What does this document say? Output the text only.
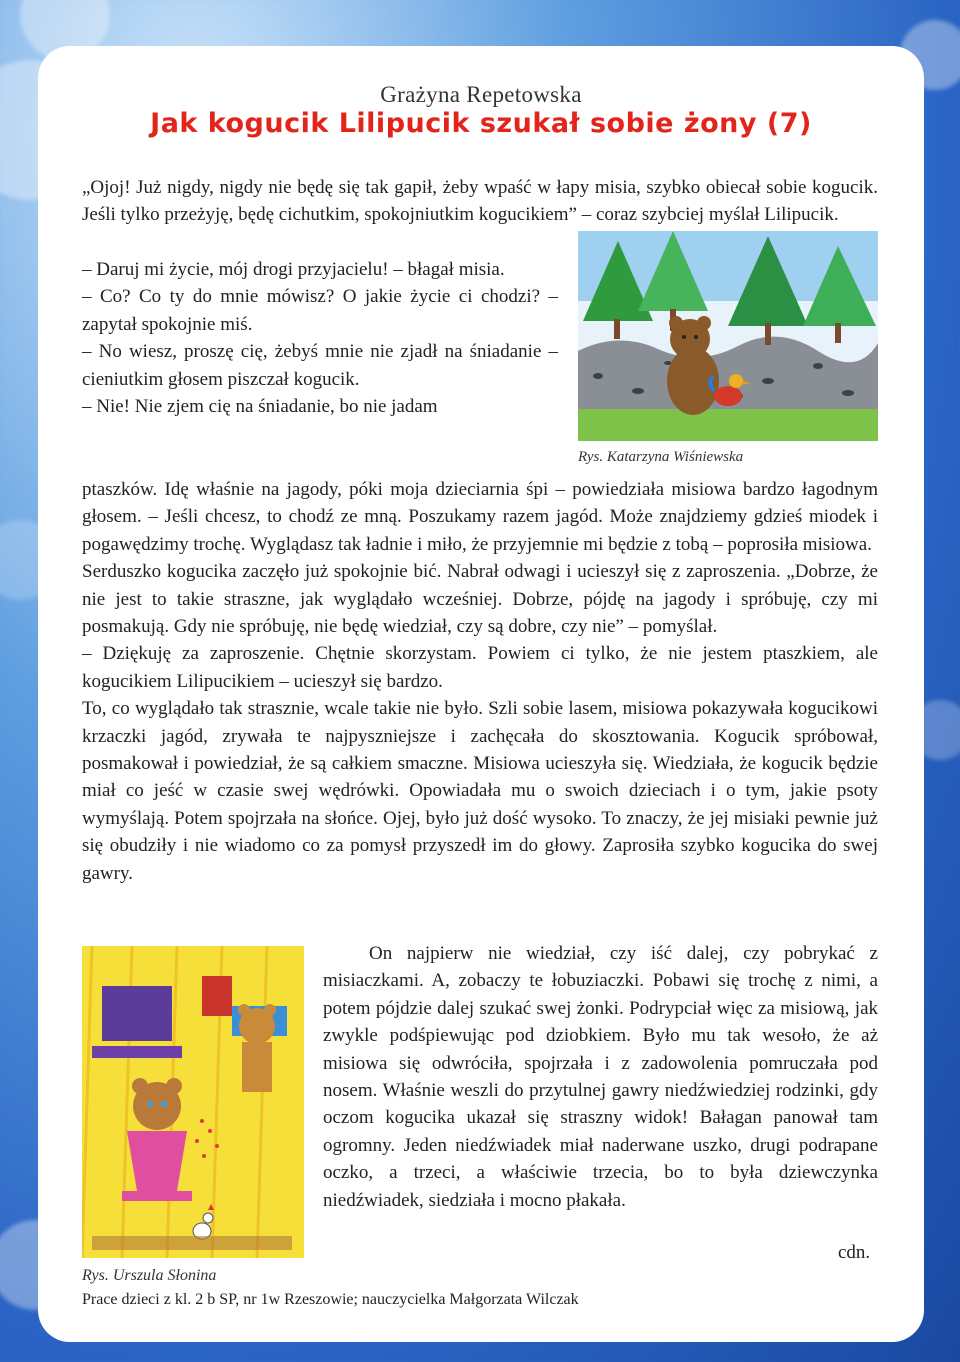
Grażyna Repetowska
Jak kogucik Lilipucik szukał sobie żony (7)

„Ojoj! Już nigdy, nigdy nie będę się tak gapił, żeby wpaść w łapy misia, szybko obiecał sobie kogucik. Jeśli tylko przeżyję, będę cichutkim, spokojniutkim kogucikiem” – coraz szybciej myślał Lilipucik.

– Daruj mi życie, mój drogi przyjacielu! – błagał misia.
– Co? Co ty do mnie mówisz? O jakie życie ci chodzi? – zapytał spokojnie miś.
– No wiesz, proszę cię, żebyś mnie nie zjadł na śniadanie – cieniutkim głosem piszczał kogucik.
– Nie! Nie zjem cię na śniadanie, bo nie jadam

Rys. Katarzyna Wiśniewska

ptaszków. Idę właśnie na jagody, póki moja dzieciarnia śpi – powiedziała misiowa bardzo łagodnym głosem. – Jeśli chcesz, to chodź ze mną. Poszukamy razem jagód. Może znajdziemy gdzieś miodek i pogawędzimy trochę. Wyglądasz tak ładnie i miło, że przyjemnie mi będzie z tobą – poprosiła misiowa.
Serduszko kogucika zaczęło już spokojnie bić. Nabrał odwagi i ucieszył się z zaproszenia. „Dobrze, że nie jest to takie straszne, jak wyglądało wcześniej. Dobrze, pójdę na jagody i spróbuję, czy mi posmakują. Gdy nie spróbuję, nie będę wiedział, czy są dobre, czy nie” – pomyślał.
– Dziękuję za zaproszenie. Chętnie skorzystam. Powiem ci tylko, że nie jestem ptaszkiem, ale kogucikiem Lilipucikiem – ucieszył się bardzo.
To, co wyglądało tak strasznie, wcale takie nie było. Szli sobie lasem, misiowa pokazywała kogucikowi krzaczki jagód, zrywała te najpyszniejsze i zachęcała do skosztowania. Kogucik spróbował, posmakował i powiedział, że są całkiem smaczne. Misiowa ucieszyła się. Wiedziała, że kogucik będzie miał co jeść w czasie swej wędrówki. Opowiadała mu o swoich dzieciach i o tym, jakie psoty wymyślają. Potem spojrzała na słońce. Ojej, było już dość wysoko. To znaczy, że jej misiaki pewnie już się obudziły i nie wiadomo co za pomysł przyszedł im do głowy. Zaprosiła szybko kogucika do swej gawry.

On najpierw nie wiedział, czy iść dalej, czy pobrykać z misiaczkami. A, zobaczy te łobuziaczki. Pobawi się trochę z nimi, a potem pójdzie dalej szukać swej żonki. Podrypciał więc za misiową, jak zwykle podśpiewując pod dziobkiem. Było mu tak wesoło, że aż misiowa się odwróciła, spojrzała i z zadowolenia pomruczała pod nosem. Właśnie weszli do przytulnej gawry niedźwiedziej rodzinki, gdy oczom kogucika ukazał się straszny widok! Bałagan panował tam ogromny. Jeden niedźwiadek miał naderwane uszko, drugi podrapane oczko, a trzeci, a właściwie trzecia, bo to była dziewczynka niedźwiadek, siedziała i mocno płakała.

cdn.
Rys. Urszula Słonina
Prace dzieci z kl. 2 b SP, nr 1w Rzeszowie; nauczycielka Małgorzata Wilczak
